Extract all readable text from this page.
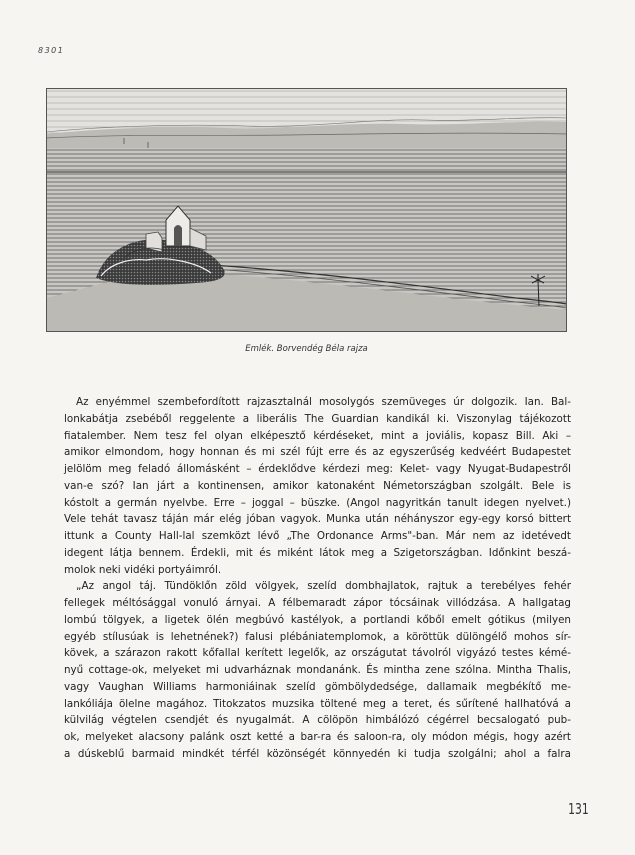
8301
Emlék. Borvendég Béla rajza
Az enyémmel szembefordított rajzasztalnál mosolygós szemüveges úr dolgozik. Ian. Bal-
lonkabátja zsebéből reggelente a liberális The Guardian kandikál ki. Viszonylag tájékozott
fiatalember. Nem tesz fel olyan elképesztő kérdéseket, mint a joviális, kopasz Bill. Aki –
amikor elmondom, hogy honnan és mi szél fújt erre és az egyszerűség kedvéért Budapestet
jelölöm meg feladó állomásként – érdeklődve kérdezi meg: Kelet- vagy Nyugat-Budapestről
van-e szó? Ian járt a kontinensen, amikor katonaként Németországban szolgált. Bele is
kóstolt a germán nyelvbe. Erre – joggal – büszke. (Angol nagyritkán tanult idegen nyelvet.)
Vele tehát tavasz táján már elég jóban vagyok. Munka után néhányszor egy-egy korsó bittert
ittunk a County Hall-lal szemközt lévő „The Ordonance Arms"-ban. Már nem az idetévedt
idegent látja bennem. Érdekli, mit és miként látok meg a Szigetországban. Időnkint beszá-
molok neki vidéki portyáimról.
„Az angol táj. Tündöklőn zöld völgyek, szelíd dombhajlatok, rajtuk a terebélyes fehér
fellegek méltósággal vonuló árnyai. A félbemaradt zápor tócsáinak villódzása. A hallgatag
lombú tölgyek, a ligetek ölén megbúvó kastélyok, a portlandi kőből emelt gótikus (milyen
egyéb stílusúak is lehetnének?) falusi plébániatemplomok, a köröttük dülöngélő mohos sír-
kövek, a szárazon rakott kőfallal kerített legelők, az országutat távolról vigyázó testes kémé-
nyű cottage-ok, melyeket mi udvarháznak mondanánk. És mintha zene szólna. Mintha Thalis,
vagy Vaughan Williams harmoniáinak szelíd gömbölydedsége, dallamaik megbékítő me-
lankóliája ölelne magához. Titokzatos muzsika töltené meg a teret, és sűrítené hallhatóvá a
külvilág végtelen csendjét és nyugalmát. A cölöpön himbálózó cégérrel becsalogató pub-
ok, melyeket alacsony palánk oszt ketté a bar-ra és saloon-ra, oly módon mégis, hogy azért
a dúskeblű barmaid mindkét térfél közönségét könnyedén ki tudja szolgálni; ahol a falra
131
